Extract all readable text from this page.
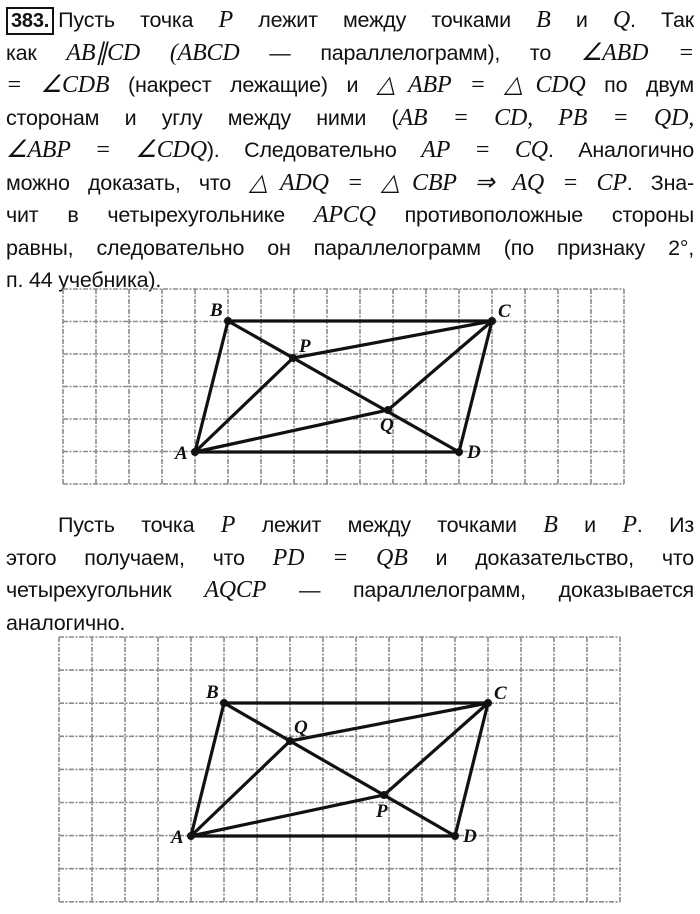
383. Пусть точка P лежит между точками B и Q. Так
как AB∥CD (ABCD — параллелограмм), то ∠ABD =
= ∠CDB (накрест лежащие) и △ABP = △CDQ по двум
сторонам и углу между ними (AB = CD, PB = QD,
∠ABP = ∠CDQ). Следовательно AP = CQ. Аналогично
можно доказать, что △ADQ = △CBP ⇒ AQ = CP. Зна-
чит в четырехугольнике APCQ противоположные стороны
равны, следовательно он параллелограмм (по признаку 2°,
п. 44 учебника).
A
B	C
D
P
Q
Пусть точка P лежит между точками B и P. Из
этого получаем, что PD = QB и доказательство, что
четырехугольник AQCP — параллелограмм, доказывается
аналогично.
A
B	C
D
Q
P
